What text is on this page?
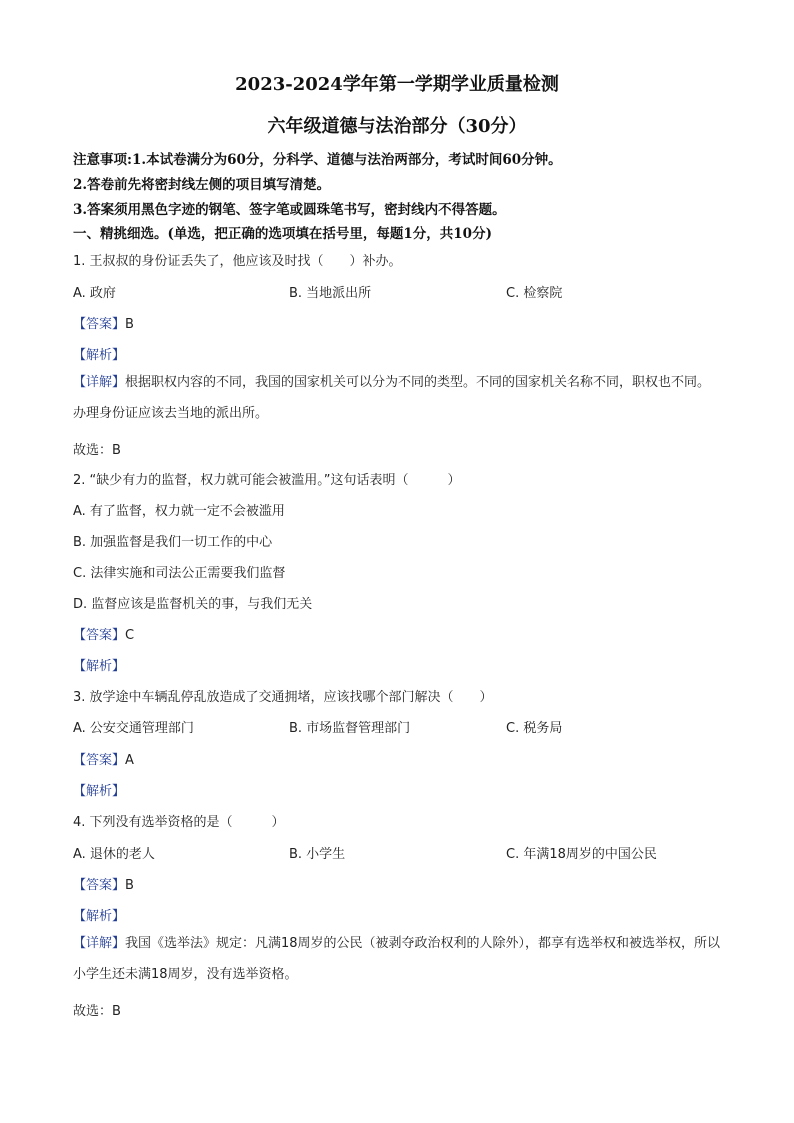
2023-2024学年第一学期学业质量检测
六年级道德与法治部分（30分）
注意事项:1.本试卷满分为60分，分科学、道德与法治两部分，考试时间60分钟。
2.答卷前先将密封线左侧的项目填写清楚。
3.答案须用黑色字迹的钢笔、签字笔或圆珠笔书写，密封线内不得答题。
一、精挑细选。(单选，把正确的选项填在括号里，每题1分，共10分)
1. 王叔叔的身份证丢失了，他应该及时找（　　）补办。
A. 政府	B. 当地派出所	C. 检察院
【答案】B
【解析】
【详解】根据职权内容的不同，我国的国家机关可以分为不同的类型。不同的国家机关名称不同，职权也不同。办理身份证应该去当地的派出所。
故选：B
2. “缺少有力的监督，权力就可能会被滥用。”这句话表明（　　　）
A. 有了监督，权力就一定不会被滥用
B. 加强监督是我们一切工作的中心
C. 法律实施和司法公正需要我们监督
D. 监督应该是监督机关的事，与我们无关
【答案】C
【解析】
3. 放学途中车辆乱停乱放造成了交通拥堵，应该找哪个部门解决（　　）
A. 公安交通管理部门	B. 市场监督管理部门	C. 税务局
【答案】A
【解析】
4. 下列没有选举资格的是（　　　）
A. 退休的老人	B. 小学生	C. 年满18周岁的中国公民
【答案】B
【解析】
【详解】我国《选举法》规定：凡满18周岁的公民（被剥夺政治权利的人除外），都享有选举权和被选举权，所以小学生还未满18周岁，没有选举资格。
故选：B
